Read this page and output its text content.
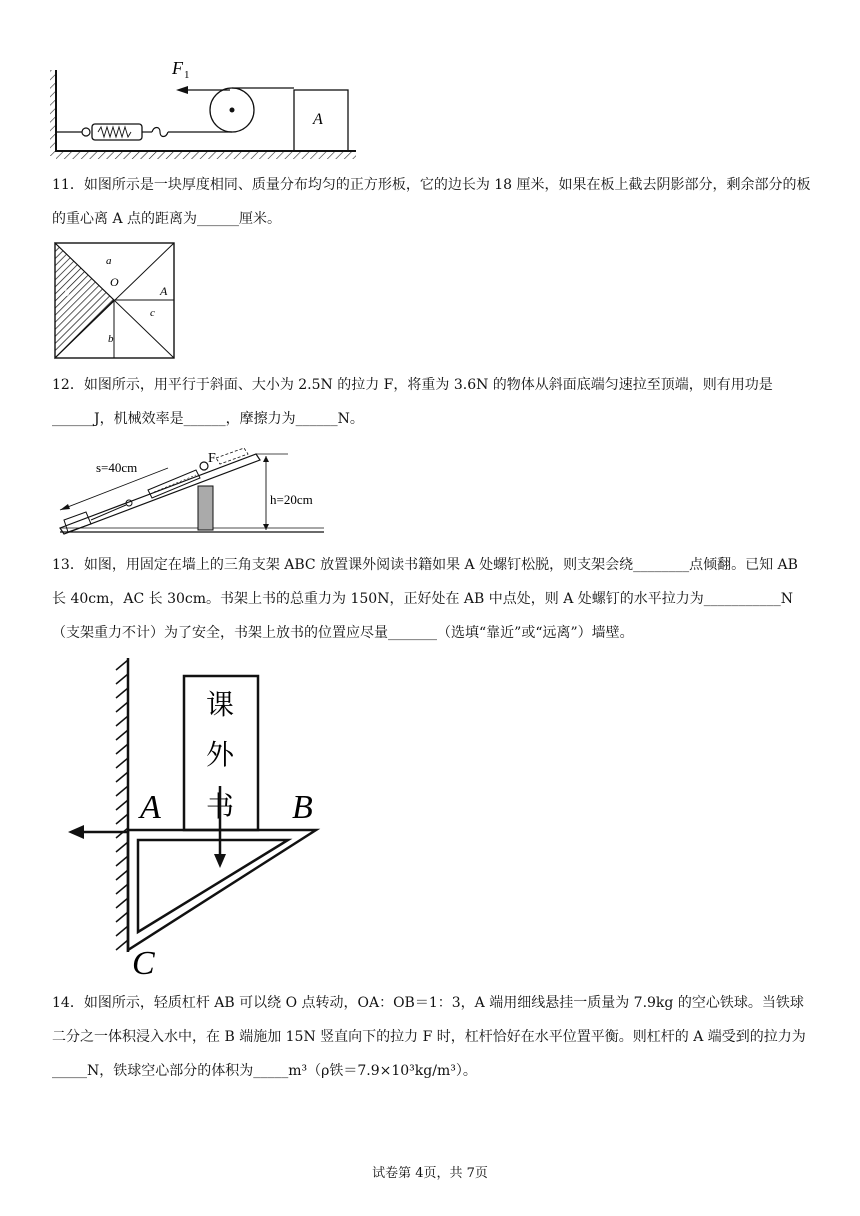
F 1
A
11．如图所示是一块厚度相同、质量分布均匀的正方形板，它的边长为 18 厘米，如果在板上截去阴影部分，剩余部分的板的重心离 A 点的距离为______厘米。
a
b
O
A
c
b
12．如图所示，用平行于斜面、大小为 2.5N 的拉力 F，将重为 3.6N 的物体从斜面底端匀速拉至顶端，则有用功是______J，机械效率是______，摩擦力为______N。
h=20cm
s=40cm
F
13．如图，用固定在墙上的三角支架 ABC 放置课外阅读书籍如果 A 处螺钉松脱，则支架会绕________点倾翻。已知 AB 长 40cm，AC 长 30cm。书架上书的总重力为 150N，正好处在 AB 中点处，则 A 处螺钉的水平拉力为___________N（支架重力不计）为了安全，书架上放书的位置应尽量_______（选填“靠近”或“远离”）墙壁。
课
外
书
A	B
C
14．如图所示，轻质杠杆 AB 可以绕 O 点转动，OA：OB＝1：3，A 端用细线悬挂一质量为 7.9kg 的空心铁球。当铁球二分之一体积浸入水中，在 B 端施加 15N 竖直向下的拉力 F 时，杠杆恰好在水平位置平衡。则杠杆的 A 端受到的拉力为_____N，铁球空心部分的体积为_____m³（ρ铁＝7.9×10³kg/m³）。
试卷第 4页，共 7页
